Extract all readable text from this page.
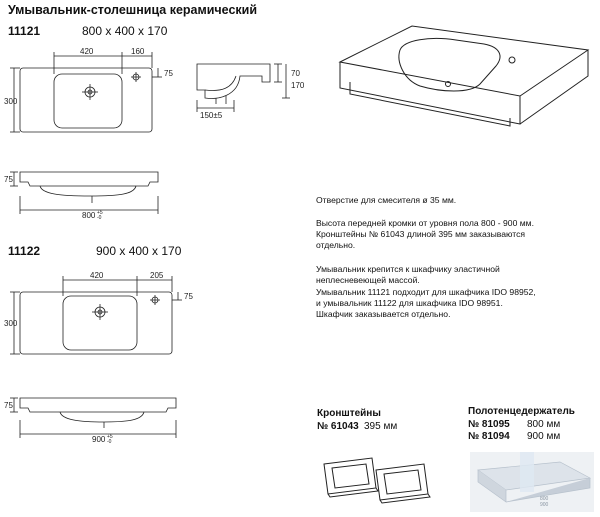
Умывальник-столешница керамический
11121	800 x 400 x 170
11122	900 x 400 x 170
420	160
300
75	70
170
150±5
75
800 +5
-0
420	205
300
75
75
900 +5
-0
800
900
Отверстие для смесителя ø 35 мм.
Высота передней кромки от уровня пола 800 - 900 мм.
Кронштейны № 61043 длиной 395 мм заказываются
отдельно.
Умывальник крепится к шкафчику эластичной
неплесневеющей массой.
Умывальник 11121 подходит для шкафчика IDO 98952,
и умывальник 11122 для шкафчика IDO 98951.
Шкафчик заказывается отдельно.
Кронштейны
№ 61043 395 мм
Полотенцедержатель
№ 81095 800 мм
№ 81094 900 мм
